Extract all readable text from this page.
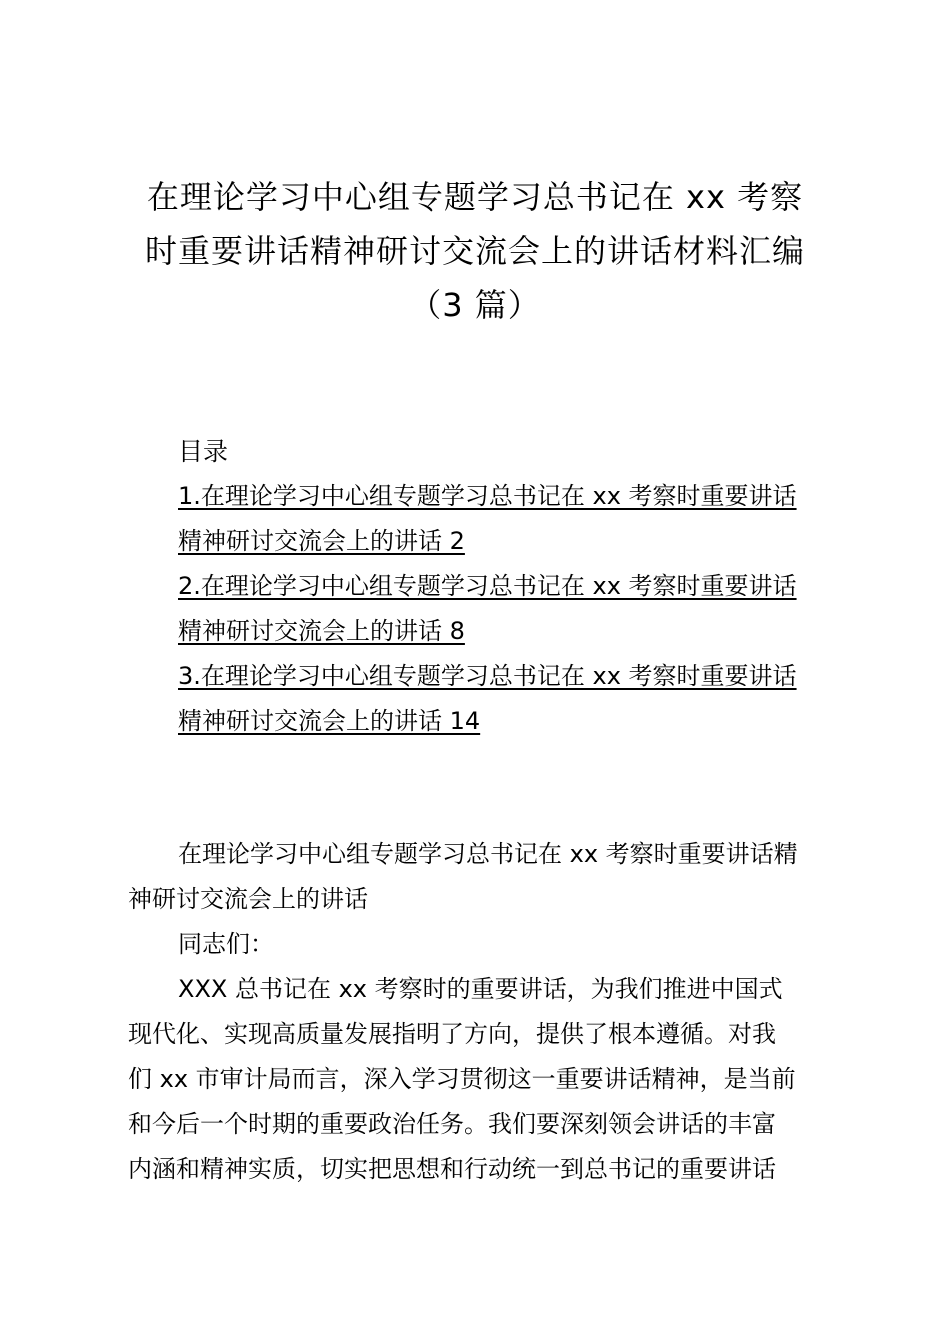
在理论学习中心组专题学习总书记在 xx 考察
时重要讲话精神研讨交流会上的讲话材料汇编
（3 篇）
目录
1.在理论学习中心组专题学习总书记在 xx 考察时重要讲话
精神研讨交流会上的讲话 2
2.在理论学习中心组专题学习总书记在 xx 考察时重要讲话
精神研讨交流会上的讲话 8
3.在理论学习中心组专题学习总书记在 xx 考察时重要讲话
精神研讨交流会上的讲话 14
在理论学习中心组专题学习总书记在 xx 考察时重要讲话精
神研讨交流会上的讲话
同志们：
XXX 总书记在 xx 考察时的重要讲话，为我们推进中国式
现代化、实现高质量发展指明了方向，提供了根本遵循。对我
们 xx 市审计局而言，深入学习贯彻这一重要讲话精神，是当前
和今后一个时期的重要政治任务。我们要深刻领会讲话的丰富
内涵和精神实质，切实把思想和行动统一到总书记的重要讲话
